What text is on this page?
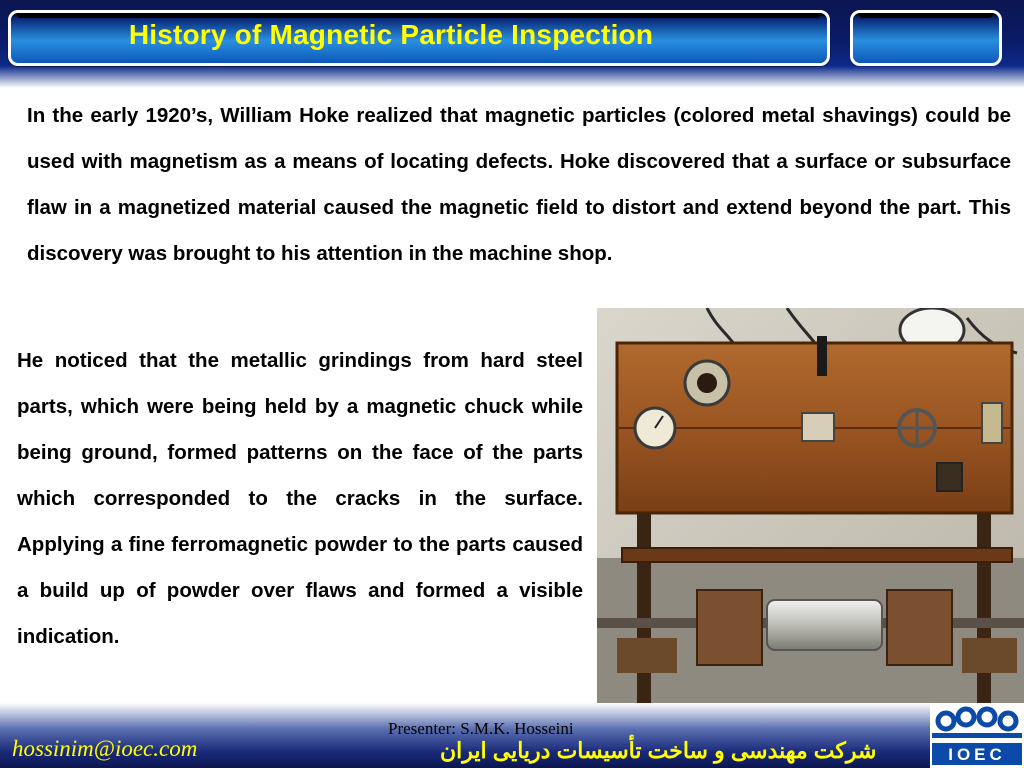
History of Magnetic Particle Inspection

In the early 1920’s, William Hoke realized that magnetic particles (colored metal shavings) could be used with magnetism as a means of locating defects. Hoke discovered that a surface or subsurface flaw in a magnetized material caused the magnetic field to distort and extend beyond the part. This discovery was brought to his attention in the machine shop.

He noticed that the metallic grindings from hard steel parts, which were being held by a magnetic chuck while being ground, formed patterns on the face of the parts which corresponded to the cracks in the surface. Applying a fine ferromagnetic powder to the parts caused a build up of powder over flaws and formed a visible indication.

Presenter: S.M.K. Hosseini
hossinim@ioec.com	شرکت مهندسی و ساخت تأسیسات دریایی ایران	IOEC
